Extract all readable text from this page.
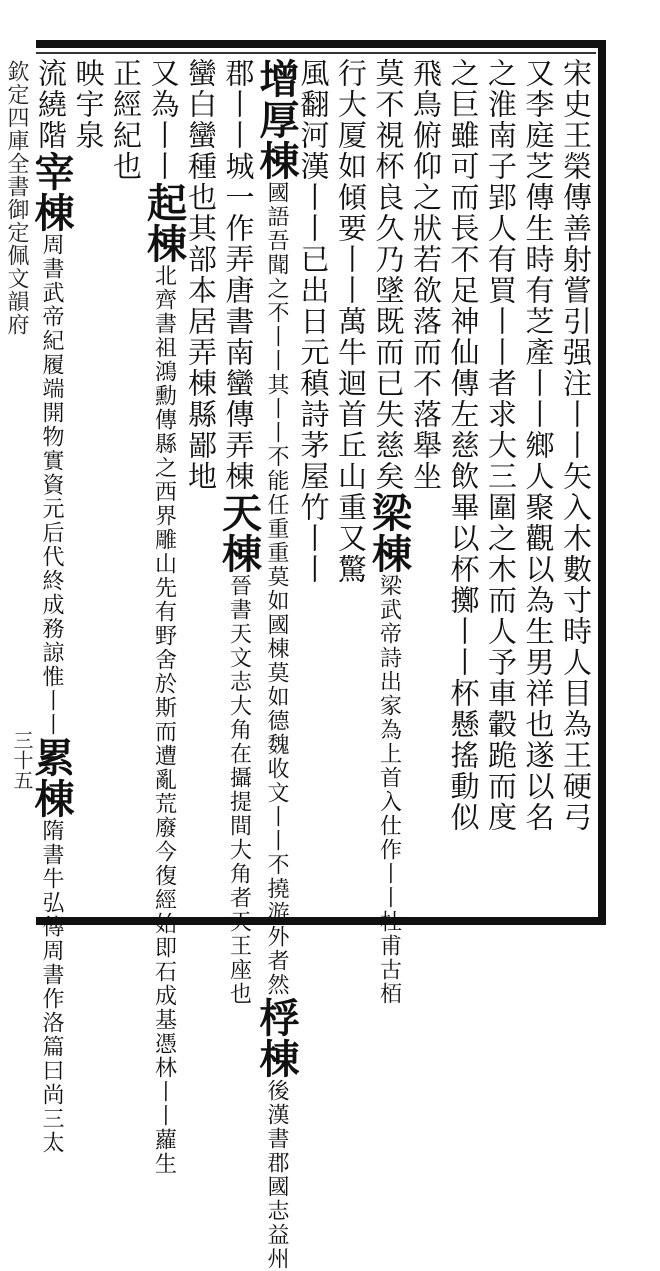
宋史王榮傳善射嘗引强注丨丨矢入木數寸時人目為王硬弓
又李庭芝傳生時有芝產丨丨鄉人聚觀以為生男祥也遂以名
之淮南子郢人有買丨丨者求大三圍之木而人予車轂跪而度
之巨雖可而長不足神仙傳左慈飲畢以杯擲丨丨杯懸搖動似
飛鳥俯仰之狀若欲落而不落舉坐
莫不視杯良久乃墜既而已失慈矣
梁棟
梁武帝詩出家為上首入仕作丨丨杜甫古栢
行大厦如傾要丨丨萬牛迴首丘山重又驚
風翻河漢丨丨已出日元稹詩茅屋竹丨丨
增厚棟
國語吾聞之不丨丨其丨丨不能任重重莫如國棟莫如德魏收文丨丨不撓游外者然
桴棟
後漢書郡國志益州
郡丨丨城一作弄唐書南蠻傳弄棟
天棟
晉書天文志大角在攝提間大角者天王座也
蠻白蠻種也其部本居弄棟縣鄙地
又為丨丨
起棟
北齊書祖鴻勳傳縣之西界雕山先有野舍於斯而遭亂荒廢今復經始即石成基憑林丨丨蘿生
正經紀也
映宇泉
流繞階
宰棟
周書武帝紀履端開物實資元后代終成務諒惟丨丨
累棟
隋書牛弘傳周書作洛篇曰尚三太
欽定四庫全書御定佩文韻府
三十五
